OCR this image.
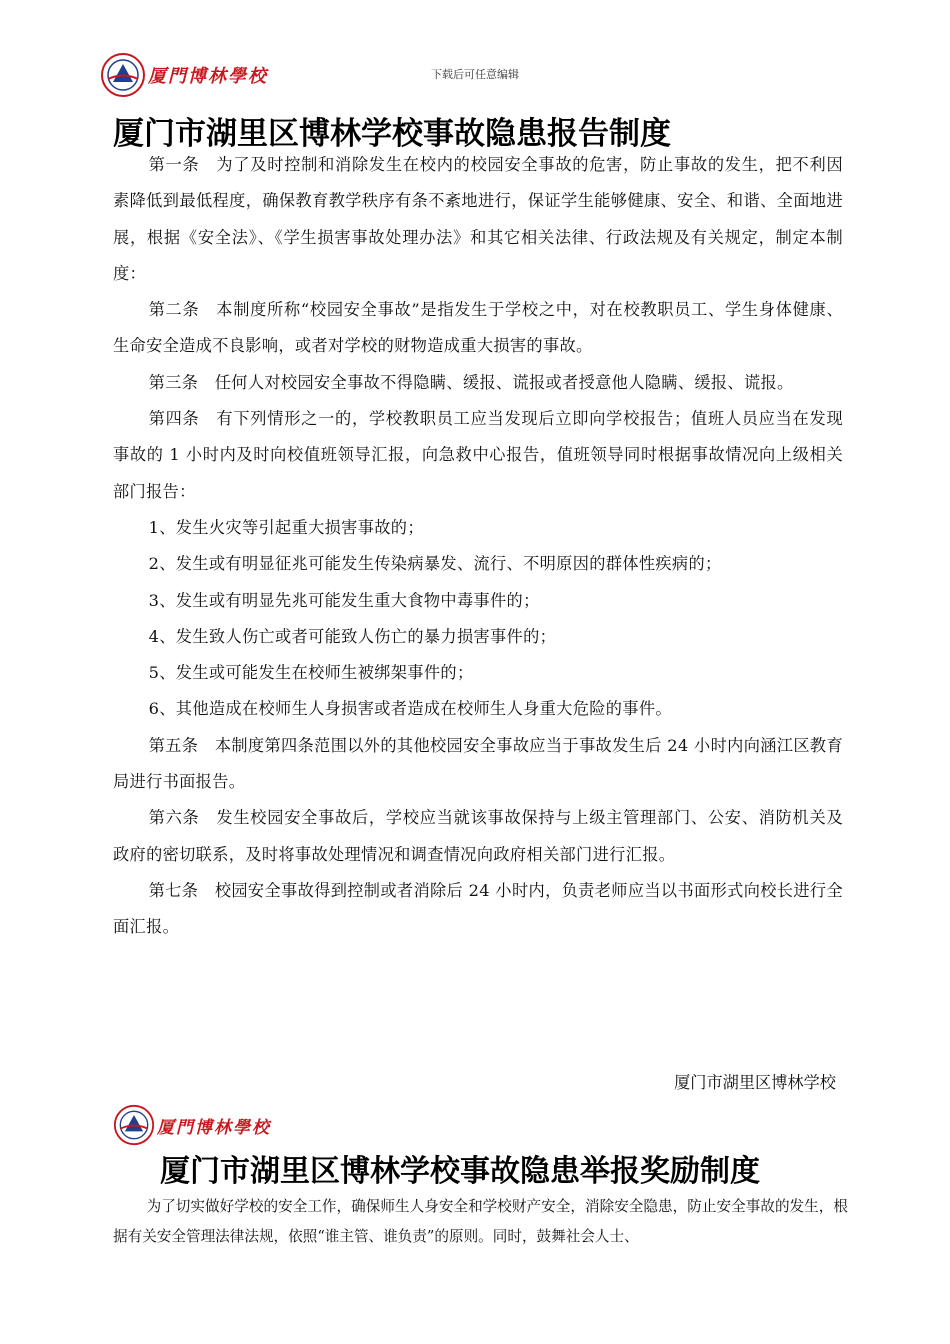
厦門博林學校	下载后可任意编辑
厦门市湖里区博林学校事故隐患报告制度

第一条　为了及时控制和消除发生在校内的校园安全事故的危害，防止事故的发生，把不利因素降低到最低程度，确保教育教学秩序有条不紊地进行，保证学生能够健康、安全、和谐、全面地进展，根据《安全法》、《学生损害事故处理办法》和其它相关法律、行政法规及有关规定，制定本制度：

第二条　本制度所称“校园安全事故”是指发生于学校之中，对在校教职员工、学生身体健康、生命安全造成不良影响，或者对学校的财物造成重大损害的事故。

第三条　任何人对校园安全事故不得隐瞒、缓报、谎报或者授意他人隐瞒、缓报、谎报。

第四条　有下列情形之一的，学校教职员工应当发现后立即向学校报告；值班人员应当在发现事故的 1 小时内及时向校值班领导汇报，向急救中心报告，值班领导同时根据事故情况向上级相关部门报告：

1、发生火灾等引起重大损害事故的；

2、发生或有明显征兆可能发生传染病暴发、流行、不明原因的群体性疾病的；

3、发生或有明显先兆可能发生重大食物中毒事件的；

4、发生致人伤亡或者可能致人伤亡的暴力损害事件的；

5、发生或可能发生在校师生被绑架事件的；

6、其他造成在校师生人身损害或者造成在校师生人身重大危险的事件。

第五条　本制度第四条范围以外的其他校园安全事故应当于事故发生后 24 小时内向涵江区教育局进行书面报告。

第六条　发生校园安全事故后，学校应当就该事故保持与上级主管理部门、公安、消防机关及政府的密切联系，及时将事故处理情况和调查情况向政府相关部门进行汇报。

第七条　校园安全事故得到控制或者消除后 24 小时内，负责老师应当以书面形式向校长进行全面汇报。

厦门市湖里区博林学校
厦門博林學校
厦门市湖里区博林学校事故隐患举报奖励制度

为了切实做好学校的安全工作，确保师生人身安全和学校财产安全，消除安全隐患，防止安全事故的发生，根据有关安全管理法律法规，依照“谁主管、谁负责”的原则。同时，鼓舞社会人士、
